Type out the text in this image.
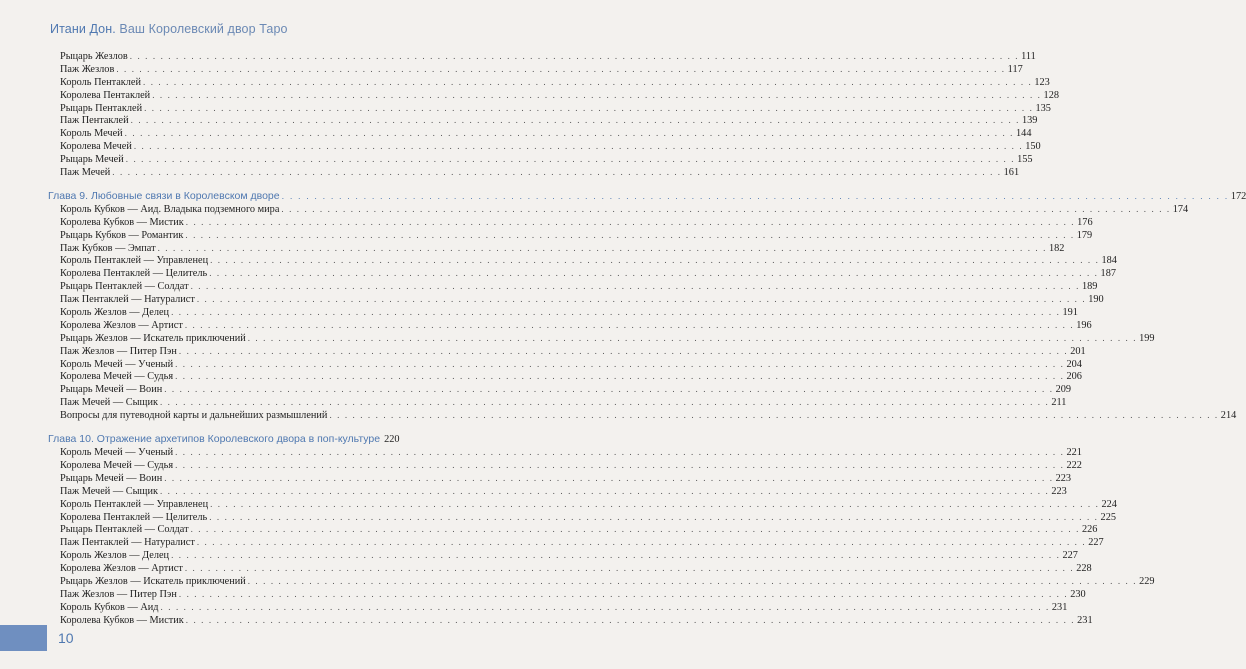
Итани Дон. Ваш Королевский двор Таро
Рыцарь Жезлов . . .	111
Паж Жезлов . . .	117
Король Пентаклей . . .	123
Королева Пентаклей . . .	128
Рыцарь Пентаклей . . .	135
Паж Пентаклей . . .	139
Король Мечей . . .	144
Королева Мечей . . .	150
Рыцарь Мечей . . .	155
Паж Мечей . . .	161
Глава 9. Любовные связи в Королевском дворе . . .	172
Король Кубков — Аид. Владыка подземного мира . . .	174
Королева Кубков — Мистик . . .	176
Рыцарь Кубков — Романтик . . .	179
Паж Кубков — Эмпат . . .	182
Король Пентаклей — Управленец . . .	184
Королева Пентаклей — Целитель . . .	187
Рыцарь Пентаклей — Солдат . . .	189
Паж Пентаклей — Натуралист . . .	190
Король Жезлов — Делец . . .	191
Королева Жезлов — Артист . . .	196
Рыцарь Жезлов — Искатель приключений . . .	199
Паж Жезлов — Питер Пэн . . .	201
Король Мечей — Ученый . . .	204
Королева Мечей — Судья . . .	206
Рыцарь Мечей — Воин . . .	209
Паж Мечей — Сыщик . . .	211
Вопросы для путеводной карты и дальнейших размышлений . . .	214
Глава 10. Отражение архетипов Королевского двора в поп-культуре 220
Король Мечей — Ученый . . .	221
Королева Мечей — Судья . . .	222
Рыцарь Мечей — Воин . . .	223
Паж Мечей — Сыщик . . .	223
Король Пентаклей — Управленец . . .	224
Королева Пентаклей — Целитель . . .	225
Рыцарь Пентаклей — Солдат . . .	226
Паж Пентаклей — Натуралист . . .	227
Король Жезлов — Делец . . .	227
Королева Жезлов — Артист . . .	228
Рыцарь Жезлов — Искатель приключений . . .	229
Паж Жезлов — Питер Пэн . . .	230
Король Кубков — Аид . . .	231
Королева Кубков — Мистик . . .	231
10
